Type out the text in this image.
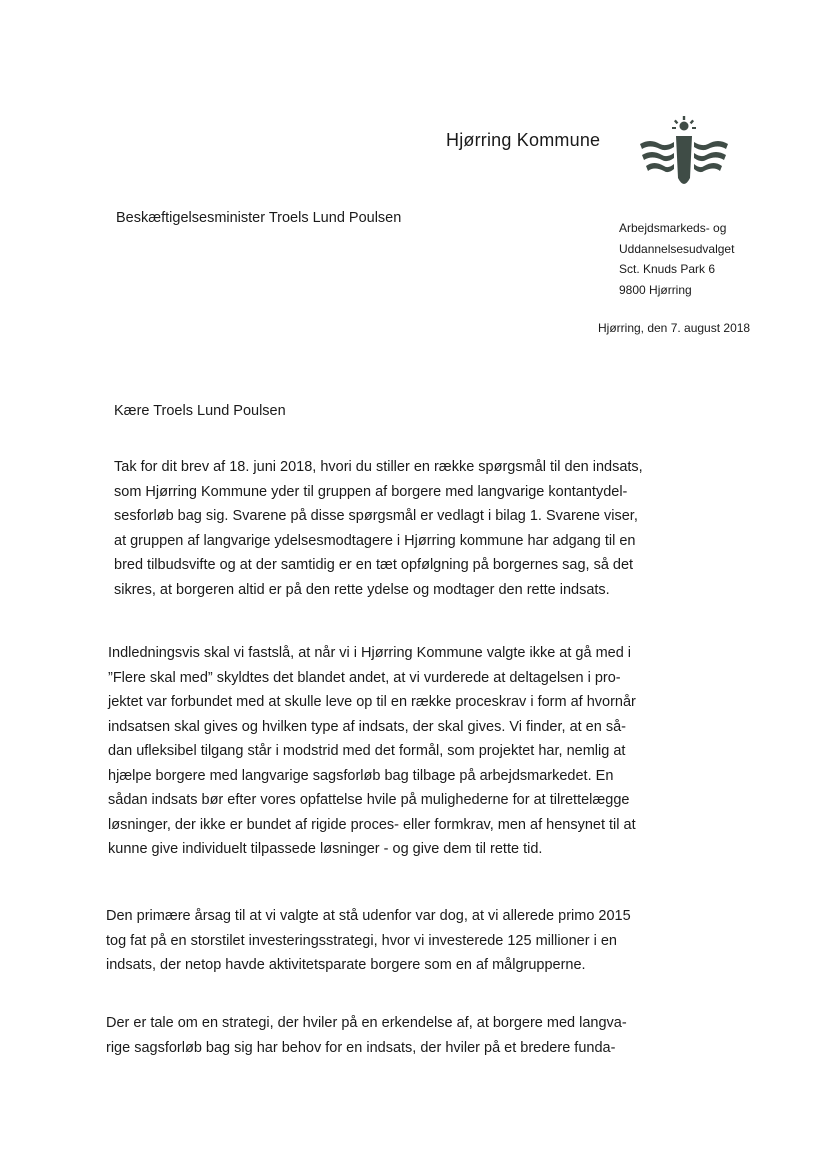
Hjørring Kommune
Beskæftigelsesminister Troels Lund Poulsen
Arbejdsmarkeds- og
Uddannelsesudvalget
Sct. Knuds Park 6
9800 Hjørring
Hjørring, den 7. august 2018
Kære Troels Lund Poulsen
Tak for dit brev af 18. juni 2018, hvori du stiller en række spørgsmål til den indsats,
som Hjørring Kommune yder til gruppen af borgere med langvarige kontantydel-
sesforløb bag sig. Svarene på disse spørgsmål er vedlagt i bilag 1. Svarene viser,
at gruppen af langvarige ydelsesmodtagere i Hjørring kommune har adgang til en
bred tilbudsvifte og at der samtidig er en tæt opfølgning på borgernes sag, så det
sikres, at borgeren altid er på den rette ydelse og modtager den rette indsats.
Indledningsvis skal vi fastslå, at når vi i Hjørring Kommune valgte ikke at gå med i
”Flere skal med” skyldtes det blandet andet, at vi vurderede at deltagelsen i pro-
jektet var forbundet med at skulle leve op til en række proceskrav i form af hvornår
indsatsen skal gives og hvilken type af indsats, der skal gives. Vi finder, at en så-
dan ufleksibel tilgang står i modstrid med det formål, som projektet har, nemlig at
hjælpe borgere med langvarige sagsforløb bag tilbage på arbejdsmarkedet. En
sådan indsats bør efter vores opfattelse hvile på mulighederne for at tilrettelægge
løsninger, der ikke er bundet af rigide proces- eller formkrav, men af hensynet til at
kunne give individuelt tilpassede løsninger - og give dem til rette tid.
Den primære årsag til at vi valgte at stå udenfor var dog, at vi allerede primo 2015
tog fat på en storstilet investeringsstrategi, hvor vi investerede 125 millioner i en
indsats, der netop havde aktivitetsparate borgere som en af målgrupperne.
Der er tale om en strategi, der hviler på en erkendelse af, at borgere med langva-
rige sagsforløb bag sig har behov for en indsats, der hviler på et bredere funda-
